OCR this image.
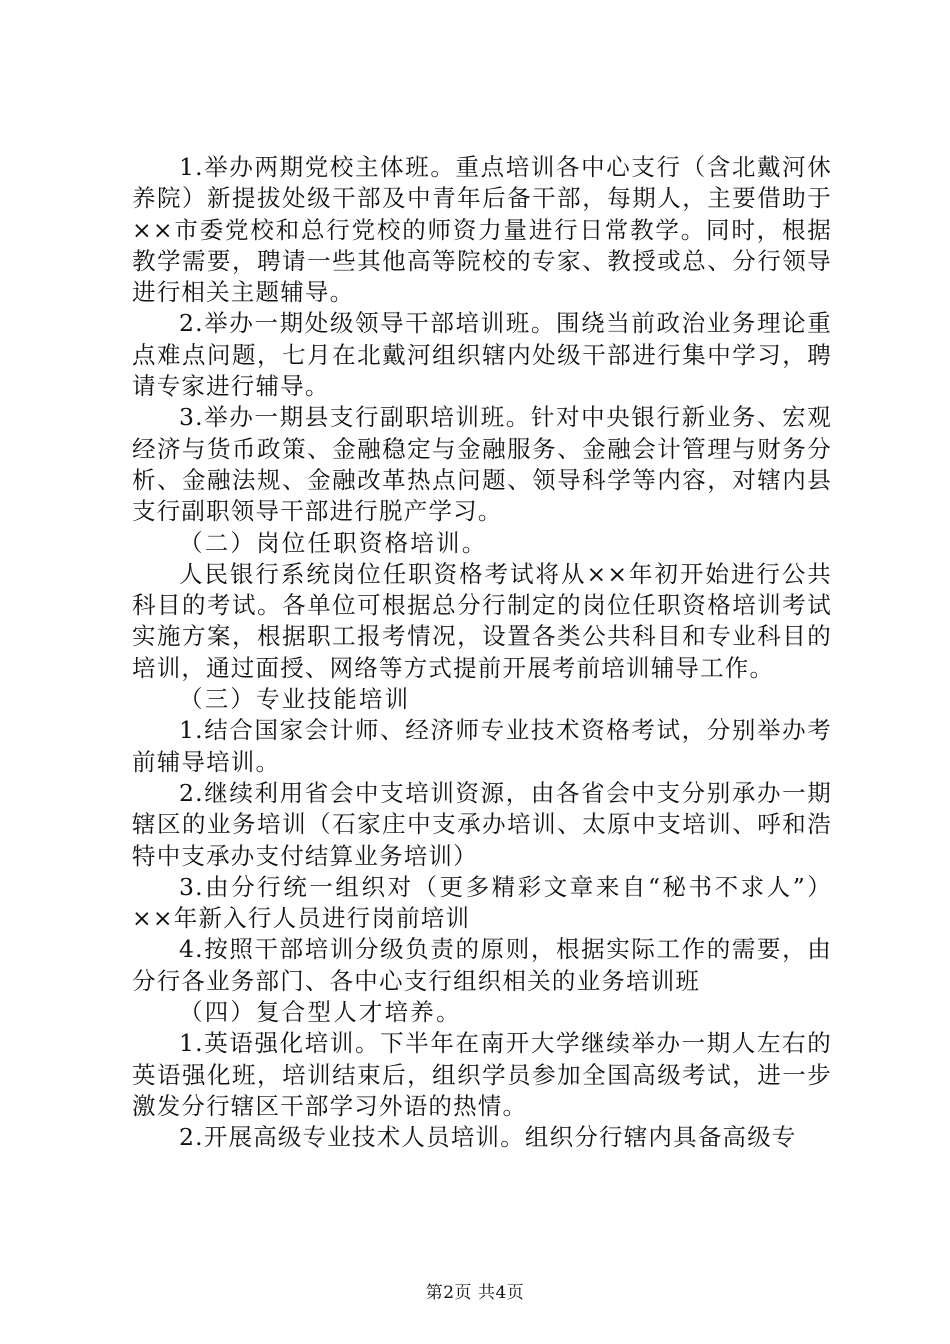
1.举办两期党校主体班。重点培训各中心支行（含北戴河休养院）新提拔处级干部及中青年后备干部，每期人，主要借助于××市委党校和总行党校的师资力量进行日常教学。同时，根据教学需要，聘请一些其他高等院校的专家、教授或总、分行领导进行相关主题辅导。

2.举办一期处级领导干部培训班。围绕当前政治业务理论重点难点问题，七月在北戴河组织辖内处级干部进行集中学习，聘请专家进行辅导。

3.举办一期县支行副职培训班。针对中央银行新业务、宏观经济与货币政策、金融稳定与金融服务、金融会计管理与财务分析、金融法规、金融改革热点问题、领导科学等内容，对辖内县支行副职领导干部进行脱产学习。

（二）岗位任职资格培训。

人民银行系统岗位任职资格考试将从××年初开始进行公共科目的考试。各单位可根据总分行制定的岗位任职资格培训考试实施方案，根据职工报考情况，设置各类公共科目和专业科目的培训，通过面授、网络等方式提前开展考前培训辅导工作。

（三）专业技能培训

1.结合国家会计师、经济师专业技术资格考试，分别举办考前辅导培训。

2.继续利用省会中支培训资源，由各省会中支分别承办一期辖区的业务培训（石家庄中支承办培训、太原中支培训、呼和浩特中支承办支付结算业务培训）

3.由分行统一组织对（更多精彩文章来自“秘书不求人”）××年新入行人员进行岗前培训

4.按照干部培训分级负责的原则，根据实际工作的需要，由分行各业务部门、各中心支行组织相关的业务培训班

（四）复合型人才培养。

1.英语强化培训。下半年在南开大学继续举办一期人左右的英语强化班，培训结束后，组织学员参加全国高级考试，进一步激发分行辖区干部学习外语的热情。

2.开展高级专业技术人员培训。组织分行辖内具备高级专

第2页 共4页
